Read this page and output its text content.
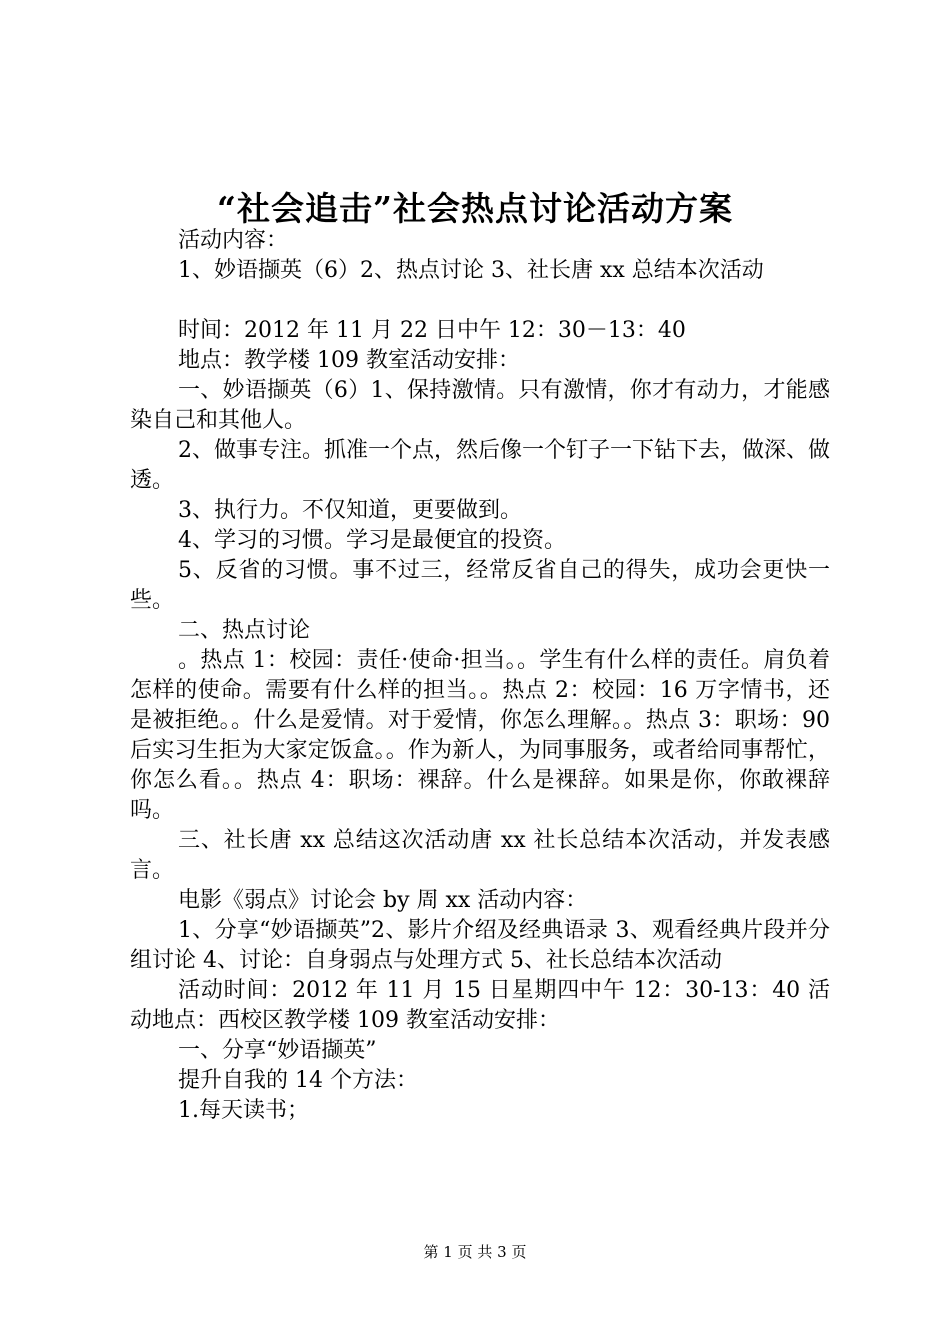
“社会追击”社会热点讨论活动方案

活动内容：

1、妙语撷英（6）2、热点讨论 3、社长唐 xx 总结本次活动

时间：2012 年 11 月 22 日中午 12：30－13：40

地点：教学楼 109 教室活动安排：

一、妙语撷英（6）1、保持激情。只有激情，你才有动力，才能感染自己和其他人。

2、做事专注。抓准一个点，然后像一个钉子一下钻下去，做深、做透。

3、执行力。不仅知道，更要做到。

4、学习的习惯。学习是最便宜的投资。

5、反省的习惯。事不过三，经常反省自己的得失，成功会更快一些。

二、热点讨论

。热点 1：校园：责任·使命·担当。。学生有什么样的责任。肩负着怎样的使命。需要有什么样的担当。。热点 2：校园：16 万字情书，还是被拒绝。。什么是爱情。对于爱情，你怎么理解。。热点 3：职场：90 后实习生拒为大家定饭盒。。作为新人，为同事服务，或者给同事帮忙，你怎么看。。热点 4：职场：裸辞。什么是裸辞。如果是你，你敢裸辞吗。

三、社长唐 xx 总结这次活动唐 xx 社长总结本次活动，并发表感言。

电影《弱点》讨论会 by 周 xx 活动内容：

1、分享“妙语撷英”2、影片介绍及经典语录 3、观看经典片段并分组讨论 4、讨论：自身弱点与处理方式 5、社长总结本次活动

活动时间：2012 年 11 月 15 日星期四中午 12：30-13：40 活动地点：西校区教学楼 109 教室活动安排：

一、分享“妙语撷英”

提升自我的 14 个方法：

1.每天读书；

第 1 页 共 3 页
